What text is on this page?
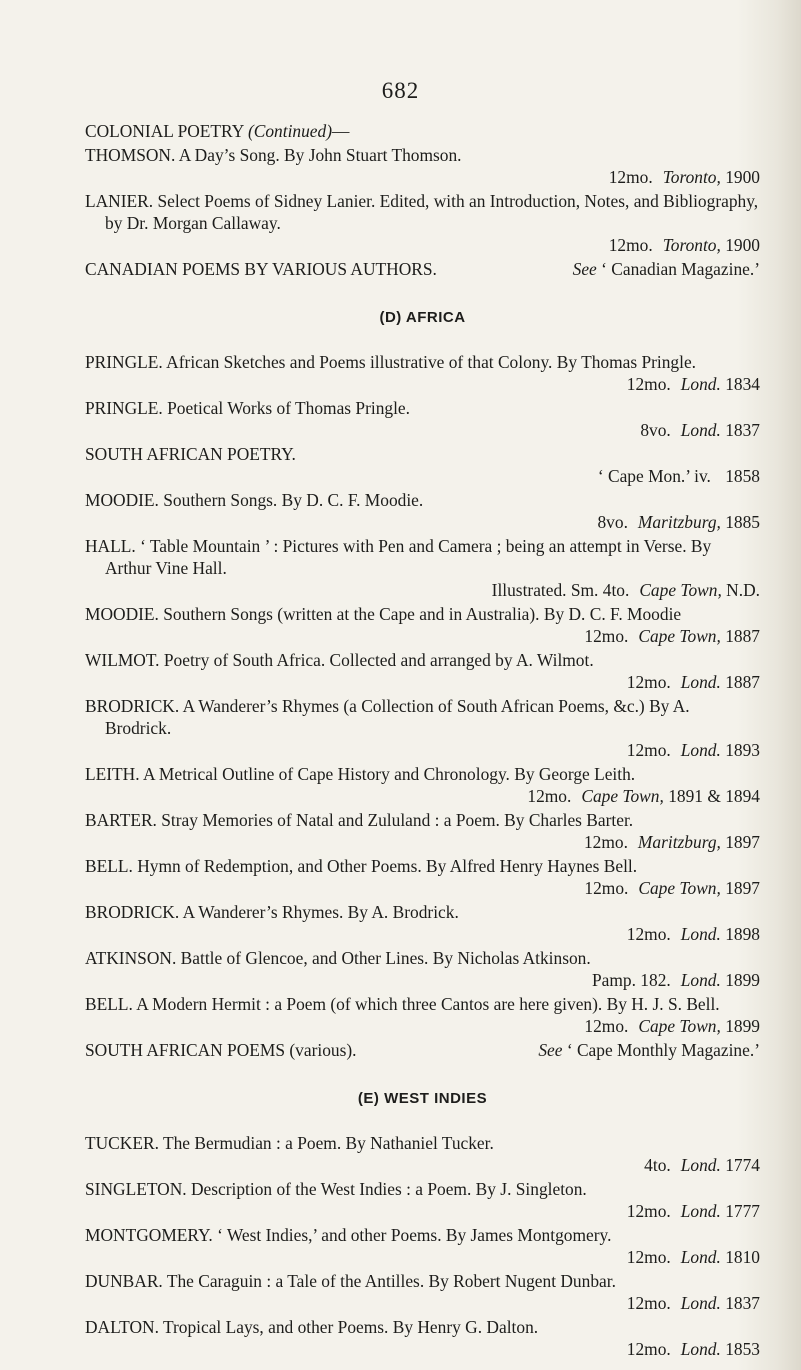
682
COLONIAL POETRY (Continued)—
THOMSON. A Day’s Song. By John Stuart Thomson.
12mo. Toronto, 1900
LANIER. Select Poems of Sidney Lanier. Edited, with an Introduction, Notes, and Bibliography, by Dr. Morgan Callaway.
12mo. Toronto, 1900
CANADIAN POEMS BY VARIOUS AUTHORS.	See ‘ Canadian Magazine.’
(D) AFRICA
PRINGLE. African Sketches and Poems illustrative of that Colony. By Thomas Pringle.
12mo. Lond. 1834
PRINGLE. Poetical Works of Thomas Pringle.
8vo. Lond. 1837
SOUTH AFRICAN POETRY.
‘ Cape Mon.’ iv. 1858
MOODIE. Southern Songs. By D. C. F. Moodie.
8vo. Maritzburg, 1885
HALL. ‘ Table Mountain ’ : Pictures with Pen and Camera ; being an attempt in Verse. By Arthur Vine Hall.
Illustrated. Sm. 4to. Cape Town, N.D.
MOODIE. Southern Songs (written at the Cape and in Australia). By D. C. F. Moodie
12mo. Cape Town, 1887
WILMOT. Poetry of South Africa. Collected and arranged by A. Wilmot.
12mo. Lond. 1887
BRODRICK. A Wanderer’s Rhymes (a Collection of South African Poems, &c.) By A. Brodrick.
12mo. Lond. 1893
LEITH. A Metrical Outline of Cape History and Chronology. By George Leith.
12mo. Cape Town, 1891 & 1894
BARTER. Stray Memories of Natal and Zululand : a Poem. By Charles Barter.
12mo. Maritzburg, 1897
BELL. Hymn of Redemption, and Other Poems. By Alfred Henry Haynes Bell.
12mo. Cape Town, 1897
BRODRICK. A Wanderer’s Rhymes. By A. Brodrick.
12mo. Lond. 1898
ATKINSON. Battle of Glencoe, and Other Lines. By Nicholas Atkinson.
Pamp. 182. Lond. 1899
BELL. A Modern Hermit : a Poem (of which three Cantos are here given). By H. J. S. Bell.
12mo. Cape Town, 1899
SOUTH AFRICAN POEMS (various).	See ‘ Cape Monthly Magazine.’
(E) WEST INDIES
TUCKER. The Bermudian : a Poem. By Nathaniel Tucker.
4to. Lond. 1774
SINGLETON. Description of the West Indies : a Poem. By J. Singleton.
12mo. Lond. 1777
MONTGOMERY. ‘ West Indies,’ and other Poems. By James Montgomery.
12mo. Lond. 1810
DUNBAR. The Caraguin : a Tale of the Antilles. By Robert Nugent Dunbar.
12mo. Lond. 1837
DALTON. Tropical Lays, and other Poems. By Henry G. Dalton.
12mo. Lond. 1853
